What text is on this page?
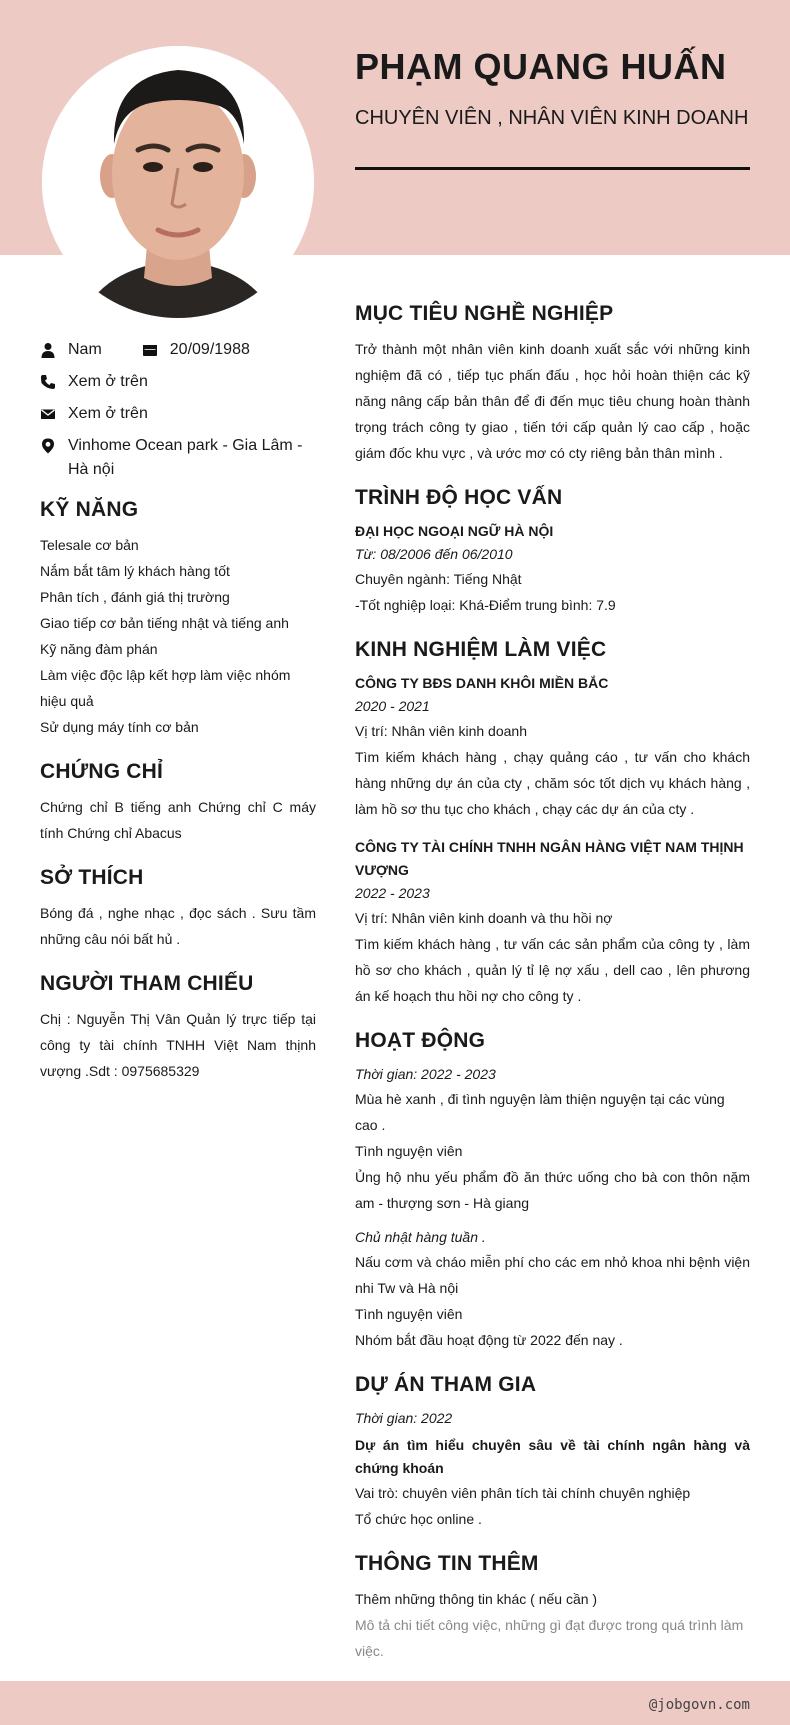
PHẠM QUANG HUẤN
CHUYÊN VIÊN , NHÂN VIÊN KINH DOANH
Nam	20/09/1988
Xem ở trên
Xem ở trên
Vinhome Ocean park - Gia Lâm - Hà nội
KỸ NĂNG
Telesale cơ bản
Nắm bắt tâm lý khách hàng tốt
Phân tích , đánh giá thị trường
Giao tiếp cơ bản tiếng nhật và tiếng anh
Kỹ năng đàm phán
Làm việc độc lập kết hợp làm việc nhóm hiệu quả
Sử dụng máy tính cơ bản
CHỨNG CHỈ
Chứng chỉ B tiếng anh Chứng chỉ C máy tính Chứng chỉ Abacus
SỞ THÍCH
Bóng đá , nghe nhạc , đọc sách . Sưu tầm những câu nói bất hủ .
NGƯỜI THAM CHIẾU
Chị : Nguyễn Thị Vân Quản lý trực tiếp tại công ty tài chính TNHH Việt Nam thịnh vượng .Sdt : 0975685329
MỤC TIÊU NGHỀ NGHIỆP
Trở thành một nhân viên kinh doanh xuất sắc với những kinh nghiệm đã có , tiếp tục phấn đấu , học hỏi hoàn thiện các kỹ năng nâng cấp bản thân để đi đến mục tiêu chung hoàn thành trọng trách công ty giao , tiến tới cấp quản lý cao cấp , hoặc giám đốc khu vực , và ước mơ có cty riêng bản thân mình .
TRÌNH ĐỘ HỌC VẤN
ĐẠI HỌC NGOẠI NGỮ HÀ NỘI
Từ: 08/2006 đến 06/2010
Chuyên ngành: Tiếng Nhật
-Tốt nghiệp loại: Khá-Điểm trung bình: 7.9
KINH NGHIỆM LÀM VIỆC
CÔNG TY BĐS DANH KHÔI MIỀN BẮC
2020 - 2021
Vị trí: Nhân viên kinh doanh
Tìm kiếm khách hàng , chạy quảng cáo , tư vấn cho khách hàng những dự án của cty , chăm sóc tốt dịch vụ khách hàng , làm hồ sơ thu tục cho khách , chạy các dự án của cty .
CÔNG TY TÀI CHÍNH TNHH NGÂN HÀNG VIỆT NAM THỊNH VƯỢNG
2022 - 2023
Vị trí: Nhân viên kinh doanh và thu hồi nợ
Tìm kiếm khách hàng , tư vấn các sản phẩm của công ty , làm hồ sơ cho khách , quản lý tỉ lệ nợ xấu , dell cao , lên phương án kế hoạch thu hồi nợ cho công ty .
HOẠT ĐỘNG
Thời gian: 2022 - 2023
Mùa hè xanh , đi tình nguyện làm thiện nguyện tại các vùng cao .
Tình nguyện viên
Ủng hộ nhu yếu phẩm đồ ăn thức uống cho bà con thôn nặm am - thượng sơn - Hà giang
Chủ nhật hàng tuần .
Nấu cơm và cháo miễn phí cho các em nhỏ khoa nhi bệnh viện nhi Tw và Hà nội
Tình nguyện viên
Nhóm bắt đầu hoạt động từ 2022 đến nay .
DỰ ÁN THAM GIA
Thời gian: 2022
Dự án tìm hiểu chuyên sâu về tài chính ngân hàng và chứng khoán
Vai trò: chuyên viên phân tích tài chính chuyên nghiệp
Tổ chức học online .
THÔNG TIN THÊM
Thêm những thông tin khác ( nếu cần )
Mô tả chi tiết công việc, những gì đạt được trong quá trình làm việc.
@jobgovn.com
